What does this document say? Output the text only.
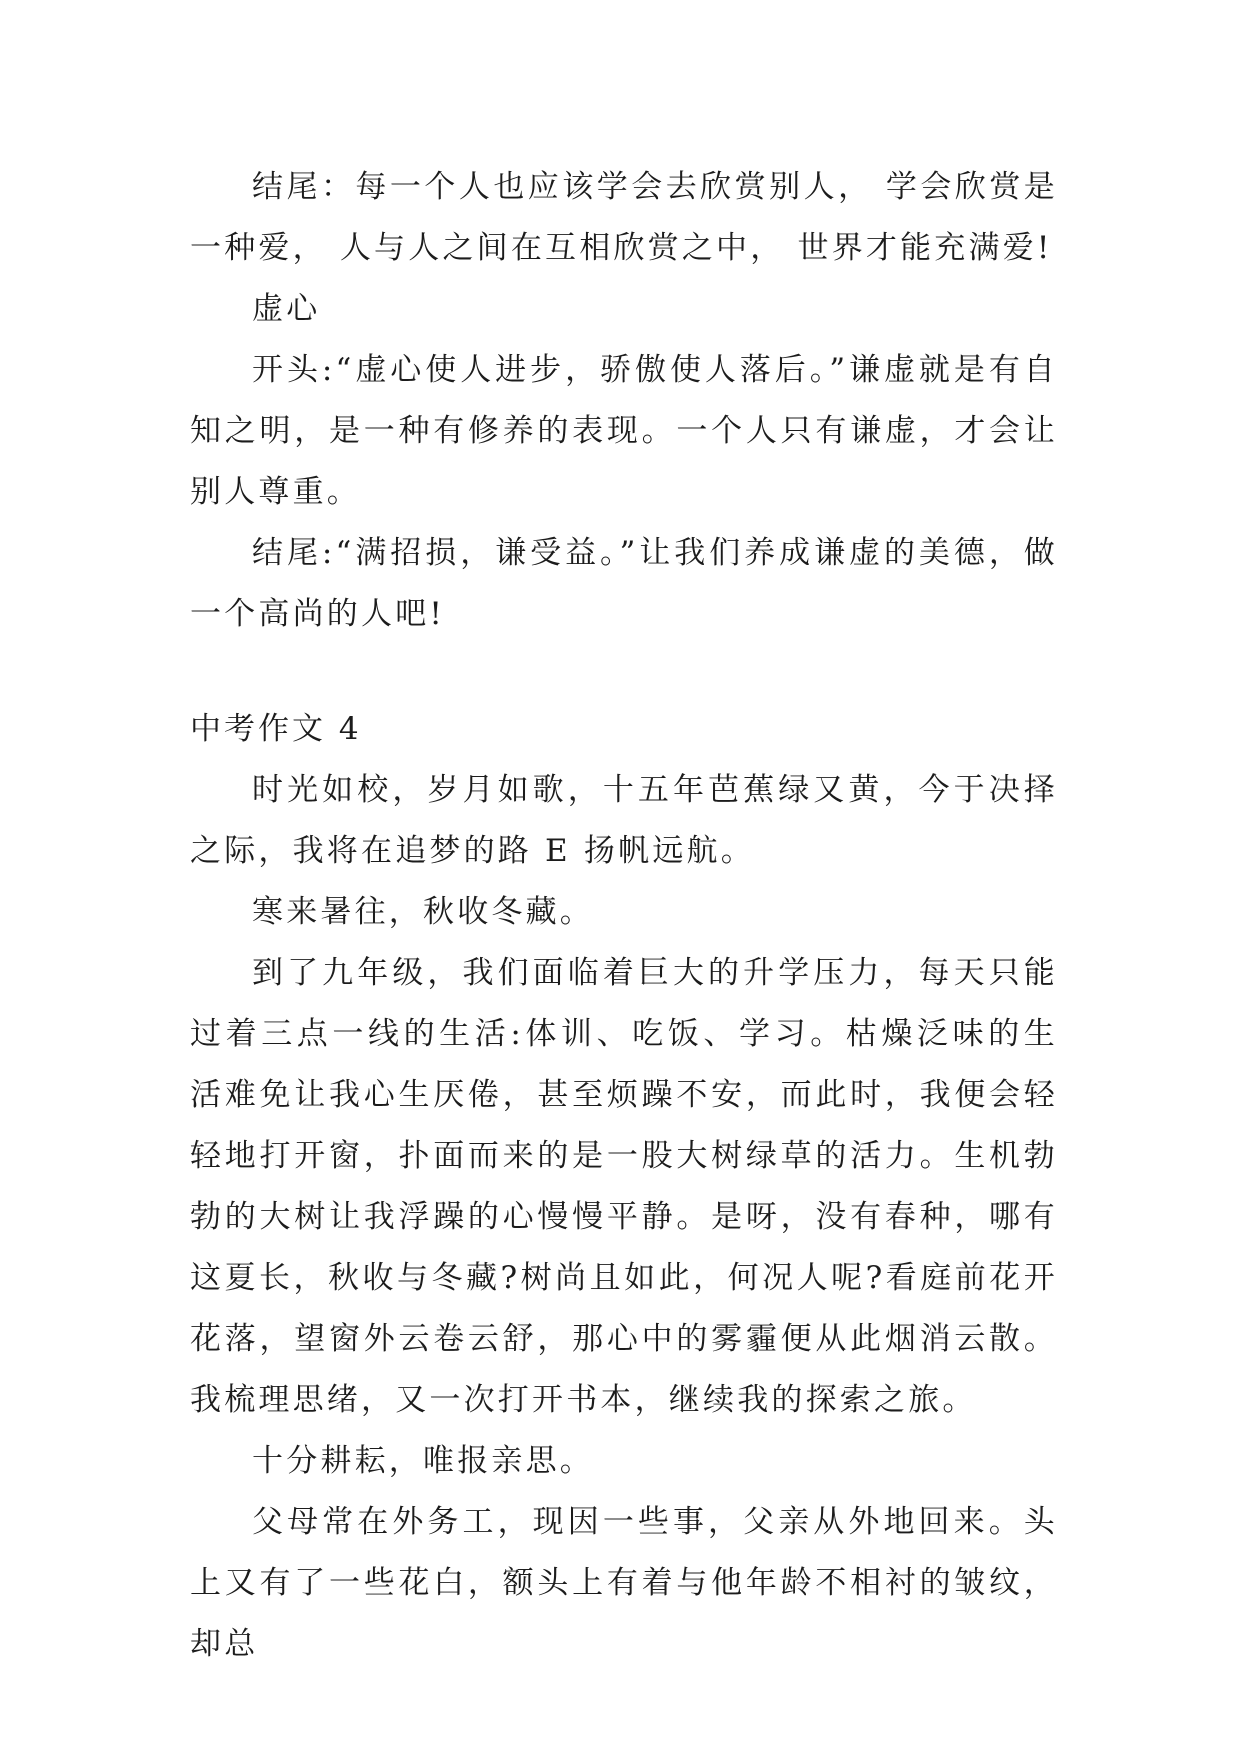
结尾：每一个人也应该学会去欣赏别人， 学会欣赏是一种爱， 人与人之间在互相欣赏之中， 世界才能充满爱!

虚心

开头:“虚心使人进步，骄傲使人落后。”谦虚就是有自知之明，是一种有修养的表现。一个人只有谦虚，才会让别人尊重。

结尾:“满招损，谦受益。”让我们养成谦虚的美德，做一个高尚的人吧!

中考作文 4

时光如校，岁月如歌，十五年芭蕉绿又黄，今于决择之际，我将在追梦的路 E 扬帆远航。

寒来暑往，秋收冬藏。

到了九年级，我们面临着巨大的升学压力，每天只能过着三点一线的生活:体训、吃饭、学习。枯燥泛味的生活难免让我心生厌倦，甚至烦躁不安，而此时，我便会轻轻地打开窗，扑面而来的是一股大树绿草的活力。生机勃勃的大树让我浮躁的心慢慢平静。是呀，没有春种，哪有这夏长，秋收与冬藏?树尚且如此，何况人呢?看庭前花开花落，望窗外云卷云舒，那心中的雾霾便从此烟消云散。我梳理思绪，又一次打开书本，继续我的探索之旅。

十分耕耘，唯报亲思。

父母常在外务工，现因一些事，父亲从外地回来。头上又有了一些花白，额头上有着与他年龄不相衬的皱纹，却总
